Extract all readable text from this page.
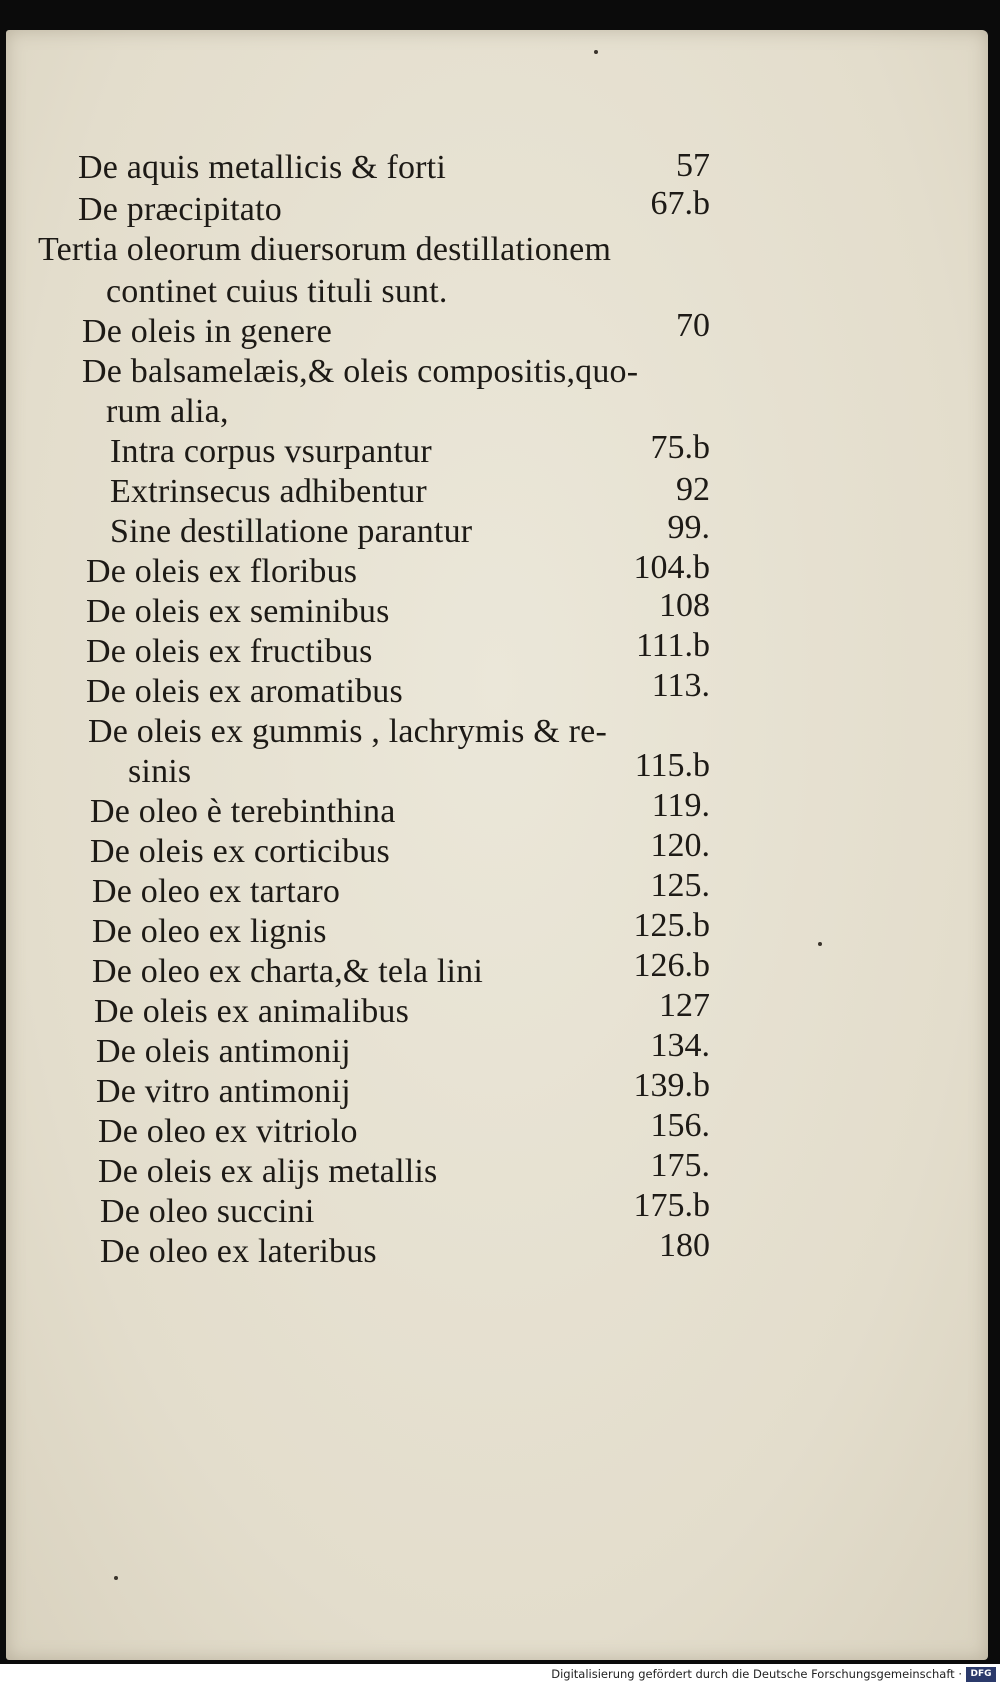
De aquis metallicis & forti	57
De præcipitato	67.b
Tertia oleorum diuersorum destillationem
continet cuius tituli sunt.
De oleis in genere	70
De balsamelæis,& oleis compositis,quo-
rum alia,
Intra corpus vsurpantur	75.b
Extrinsecus adhibentur	92
Sine destillatione parantur	99.
De oleis ex floribus	104.b
De oleis ex seminibus	108
De oleis ex fructibus	111.b
De oleis ex aromatibus	113.
De oleis ex gummis , lachrymis & re-
sinis	115.b
De oleo è terebinthina	119.
De oleis ex corticibus	120.
De oleo ex tartaro	125.
De oleo ex lignis	125.b
De oleo ex charta,& tela lini	126.b
De oleis ex animalibus	127
De oleis antimonij	134.
De vitro antimonij	139.b
De oleo ex vitriolo	156.
De oleis ex alijs metallis	175.
De oleo succini	175.b
De oleo ex lateribus	180
Digitalisierung gefördert durch die Deutsche Forschungsgemeinschaft · DFG
